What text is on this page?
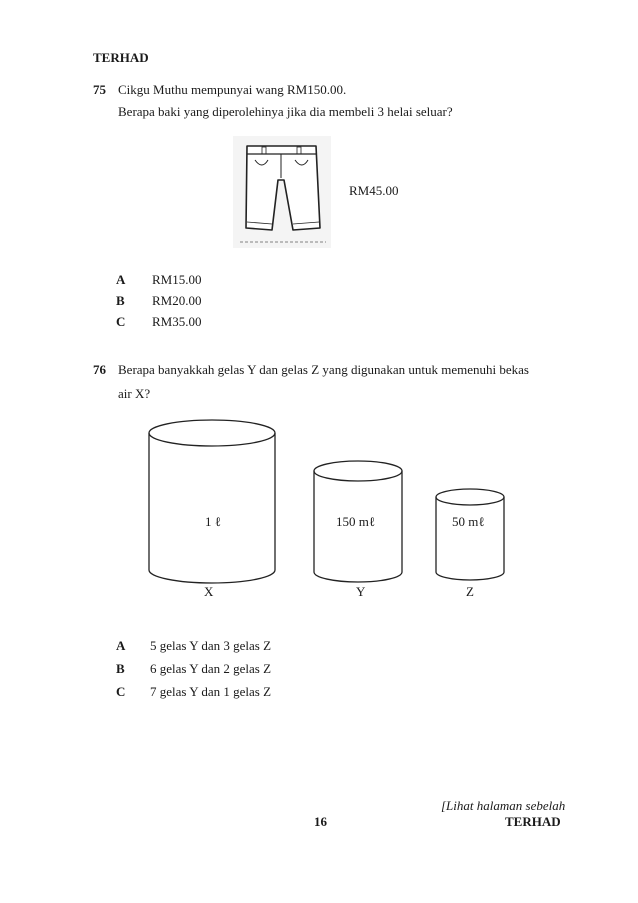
TERHAD
75 Cikgu Muthu mempunyai wang RM150.00.
Berapa baki yang diperolehinya jika dia membeli 3 helai seluar?
RM45.00
A RM15.00
B RM20.00
C RM35.00
76 Berapa banyakkah gelas Y dan gelas Z yang digunakan untuk memenuhi bekas
air X?
1 ℓ	150 mℓ	50 mℓ
X	Y	Z
A 5 gelas Y dan 3 gelas Z
B 6 gelas Y dan 2 gelas Z
C 7 gelas Y dan 1 gelas Z
[Lihat halaman sebelah
16	TERHAD
